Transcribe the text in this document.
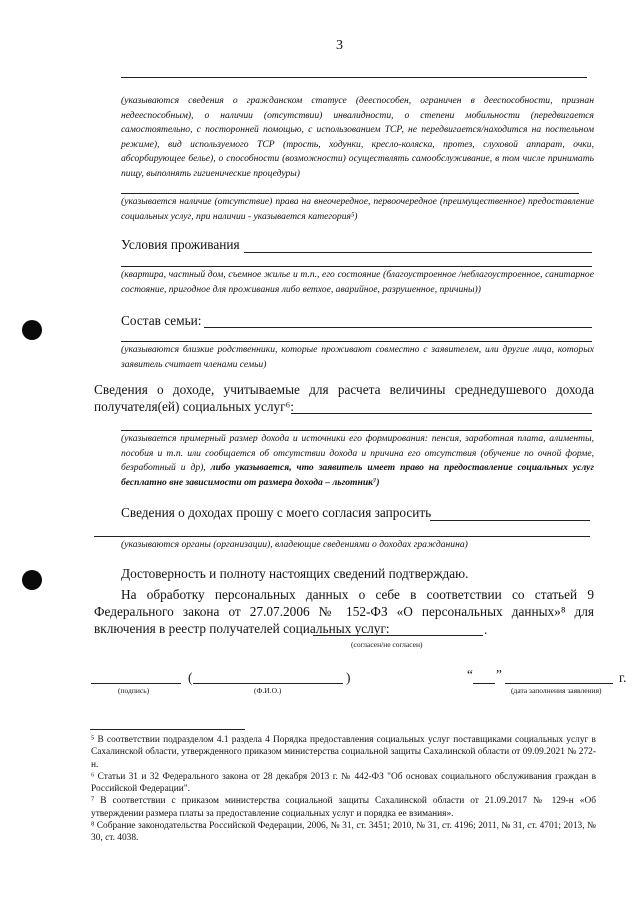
3
(указываются сведения о гражданском статусе (дееспособен, ограничен в дееспособности, признан недееспособным), о наличии (отсутствии) инвалидности, о степени мобильности (передвигается самостоятельно, с посторонней помощью, с использованием ТСР, не передвигается/находится на постельном режиме), вид используемого ТСР (трость, ходунки, кресло-коляска, протез, слуховой аппарат, очки, абсорбирующее белье), о способности (возможности) осуществлять самообслуживание, в том числе принимать пищу, выполнять гигиенические процедуры)
(указывается наличие (отсутствие) права на внеочередное, первоочередное (преимущественное) предоставление социальных услуг, при наличии - указывается категория⁵)
Условия проживания
(квартира, частный дом, съемное жилье и т.п., его состояние (благоустроенное /неблагоустроенное, санитарное состояние, пригодное для проживания либо ветхое, аварийное, разрушенное, причины))
Состав семьи:
(указываются близкие родственники, которые проживают совместно с заявителем, или другие лица, которых заявитель считает членами семьи)
Сведения о доходе, учитываемые для расчета величины среднедушевого дохода получателя(ей) социальных услуг⁶:
(указывается примерный размер дохода и источники его формирования: пенсия, заработная плата, алименты, пособия и т.п. или сообщается об отсутствии дохода и причина его отсутствия (обучение по очной форме, безработный и др), либо указывается, что заявитель имеет право на предоставление социальных услуг бесплатно вне зависимости от размера дохода – льготник⁷)
Сведения о доходах прошу с моего согласия запросить
(указываются органы (организации), владеющие сведениями о доходах гражданина)
Достоверность и полноту настоящих сведений подтверждаю.
На обработку персональных данных о себе в соответствии со статьей 9 Федерального закона от 27.07.2006 № 152-ФЗ «О персональных данных»⁸ для включения в реестр получателей социальных услуг:	.
(согласен/не согласен)
(	)	“ ”	г.
(подпись)	(Ф.И.О.)	(дата заполнения заявления)
⁵ В соответствии подразделом 4.1 раздела 4 Порядка предоставления социальных услуг поставщиками социальных услуг в Сахалинской области, утвержденного приказом министерства социальной защиты Сахалинской области от 09.09.2021 № 272-н.
⁶ Статьи 31 и 32 Федерального закона от 28 декабря 2013 г. № 442-ФЗ "Об основах социального обслуживания граждан в Российской Федерации".
⁷ В соответствии с приказом министерства социальной защиты Сахалинской области от 21.09.2017 № 129-н «Об утверждении размера платы за предоставление социальных услуг и порядка ее взимания».
⁸ Собрание законодательства Российской Федерации, 2006, № 31, ст. 3451; 2010, № 31, ст. 4196; 2011, № 31, ст. 4701; 2013, № 30, ст. 4038.
